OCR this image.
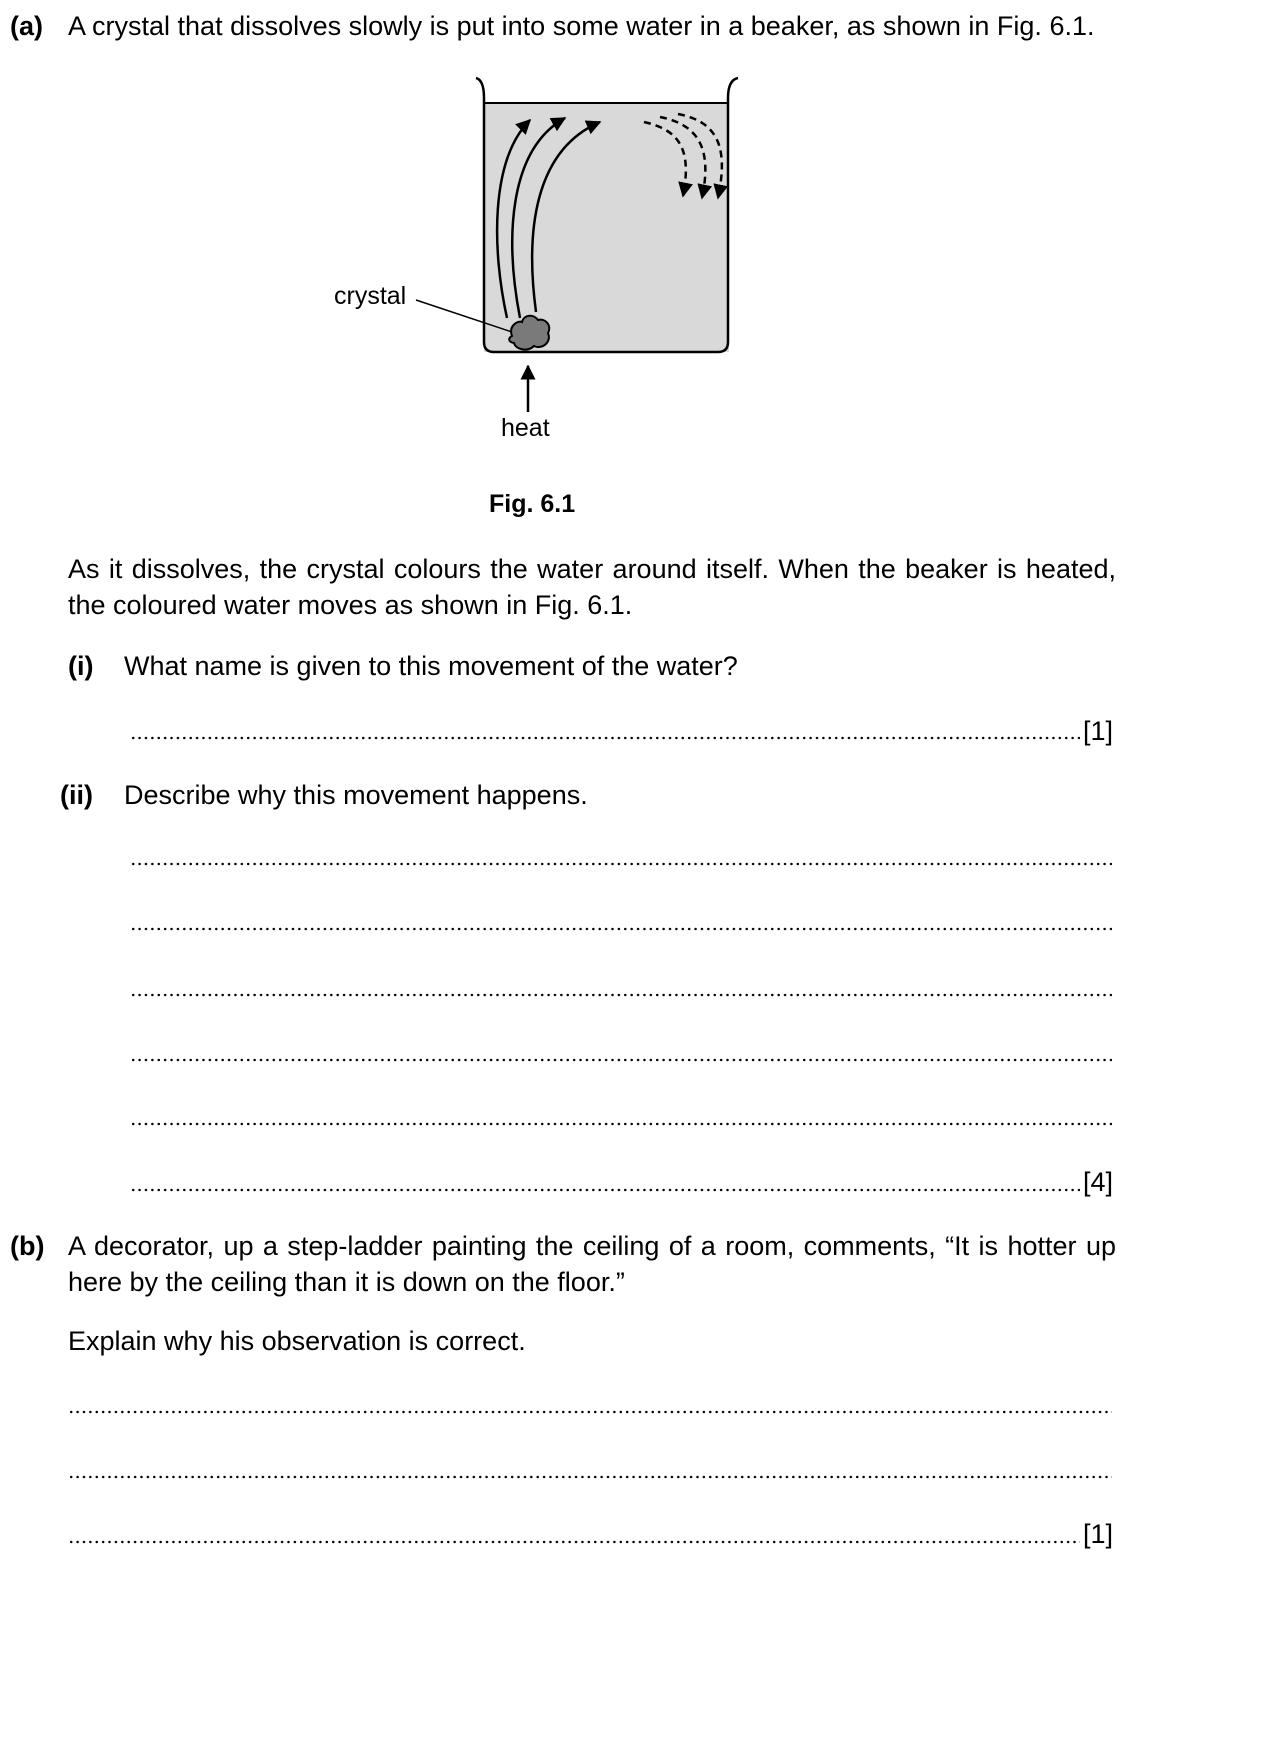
(a) A crystal that dissolves slowly is put into some water in a beaker, as shown in Fig. 6.1.
crystal
heat
Fig. 6.1
As it dissolves, the crystal colours the water around itself. When the beaker is heated, the coloured water moves as shown in Fig. 6.1.
(i) What name is given to this movement of the water?
[1]
(ii) Describe why this movement happens.
[4]
(b) A decorator, up a step-ladder painting the ceiling of a room, comments, “It is hotter up here by the ceiling than it is down on the floor.”
Explain why his observation is correct.
[1]
